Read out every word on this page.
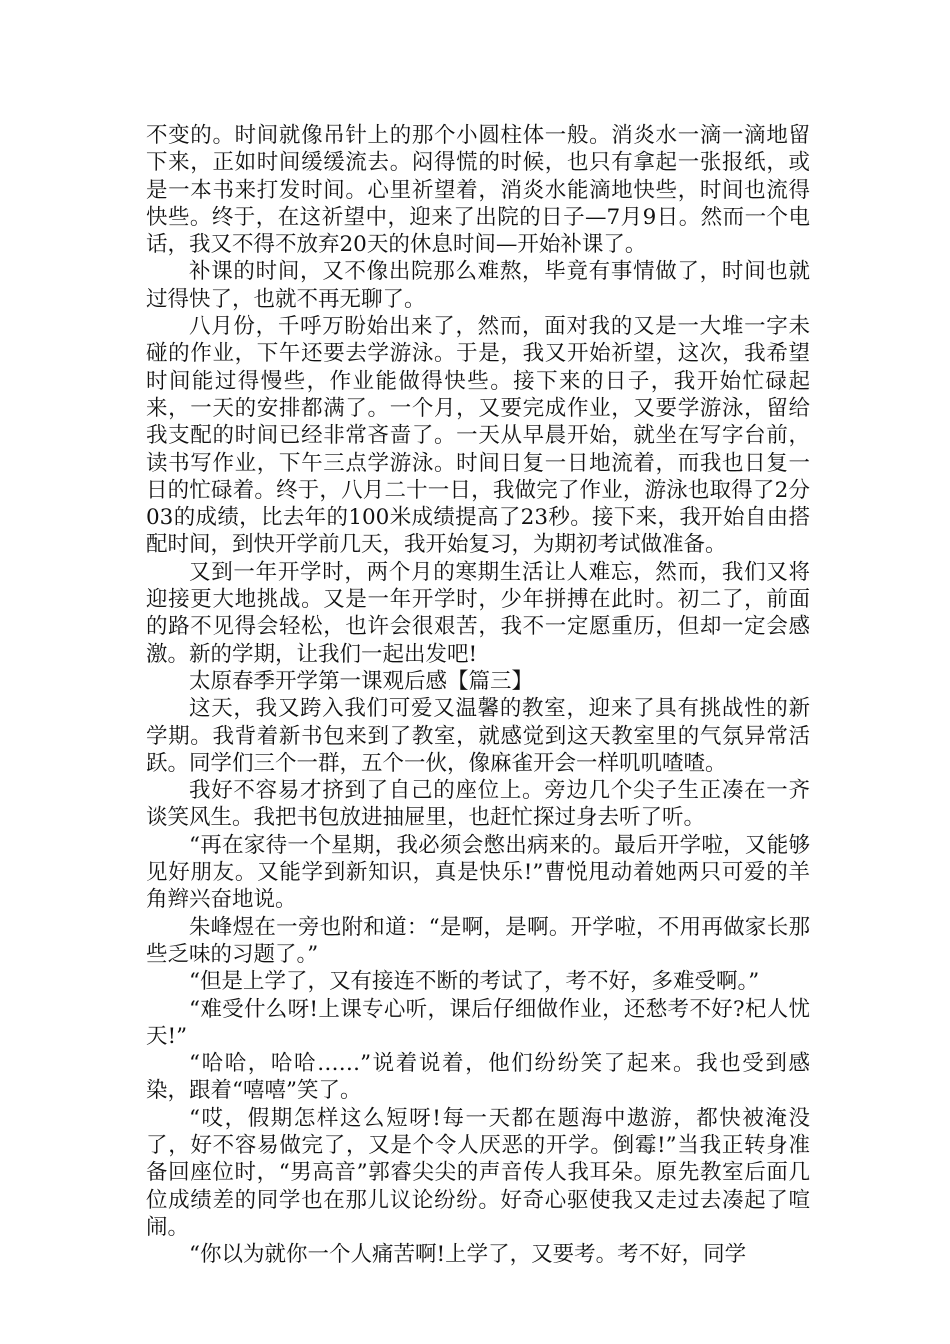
不变的。时间就像吊针上的那个小圆柱体一般。消炎水一滴一滴地留下来，正如时间缓缓流去。闷得慌的时候，也只有拿起一张报纸，或是一本书来打发时间。心里祈望着，消炎水能滴地快些，时间也流得快些。终于，在这祈望中，迎来了出院的日子—7月9日。然而一个电话，我又不得不放弃20天的休息时间—开始补课了。

补课的时间，又不像出院那么难熬，毕竟有事情做了，时间也就过得快了，也就不再无聊了。

八月份，千呼万盼始出来了，然而，面对我的又是一大堆一字未碰的作业，下午还要去学游泳。于是，我又开始祈望，这次，我希望时间能过得慢些，作业能做得快些。接下来的日子，我开始忙碌起来，一天的安排都满了。一个月，又要完成作业，又要学游泳，留给我支配的时间已经非常吝啬了。一天从早晨开始，就坐在写字台前，读书写作业，下午三点学游泳。时间日复一日地流着，而我也日复一日的忙碌着。终于，八月二十一日，我做完了作业，游泳也取得了2分03的成绩，比去年的100米成绩提高了23秒。接下来，我开始自由搭配时间，到快开学前几天，我开始复习，为期初考试做准备。

又到一年开学时，两个月的寒期生活让人难忘，然而，我们又将迎接更大地挑战。又是一年开学时，少年拼搏在此时。初二了，前面的路不见得会轻松，也许会很艰苦，我不一定愿重历，但却一定会感激。新的学期，让我们一起出发吧!

太原春季开学第一课观后感【篇三】

这天，我又跨入我们可爱又温馨的教室，迎来了具有挑战性的新学期。我背着新书包来到了教室，就感觉到这天教室里的气氛异常活跃。同学们三个一群，五个一伙，像麻雀开会一样叽叽喳喳。

我好不容易才挤到了自己的座位上。旁边几个尖子生正凑在一齐谈笑风生。我把书包放进抽屉里，也赶忙探过身去听了听。

“再在家待一个星期，我必须会憋出病来的。最后开学啦，又能够见好朋友。又能学到新知识，真是快乐!”曹悦甩动着她两只可爱的羊角辫兴奋地说。

朱峰煜在一旁也附和道：“是啊，是啊。开学啦，不用再做家长那些乏味的习题了。”

“但是上学了，又有接连不断的考试了，考不好，多难受啊。”

“难受什么呀!上课专心听，课后仔细做作业，还愁考不好?杞人忧天!”

“哈哈，哈哈……”说着说着，他们纷纷笑了起来。我也受到感染，跟着“嘻嘻”笑了。

“哎，假期怎样这么短呀!每一天都在题海中遨游，都快被淹没了，好不容易做完了，又是个令人厌恶的开学。倒霉!”当我正转身准备回座位时，“男高音”郭睿尖尖的声音传人我耳朵。原先教室后面几位成绩差的同学也在那儿议论纷纷。好奇心驱使我又走过去凑起了喧闹。

“你以为就你一个人痛苦啊!上学了，又要考。考不好，同学
